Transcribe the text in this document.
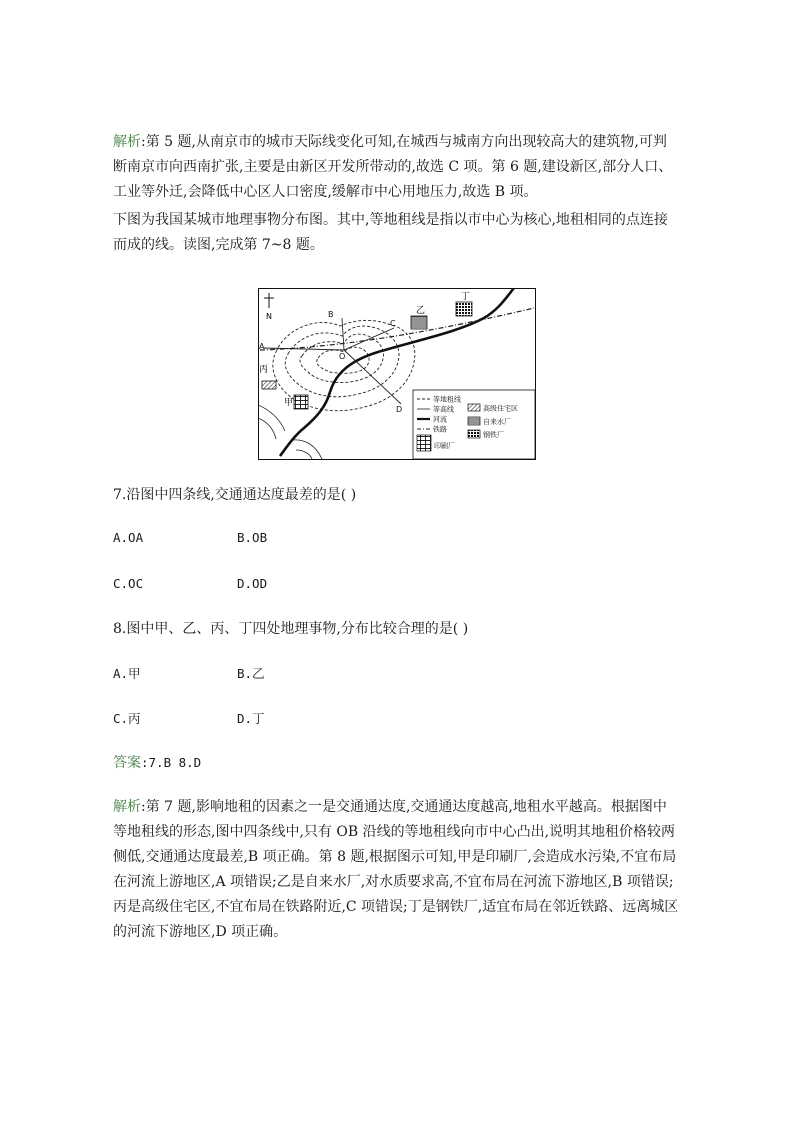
解析:第 5 题,从南京市的城市天际线变化可知,在城西与城南方向出现较高大的建筑物,可判
断南京市向西南扩张,主要是由新区开发所带动的,故选 C 项。第 6 题,建设新区,部分人口、
工业等外迁,会降低中心区人口密度,缓解市中心用地压力,故选 B 项。
下图为我国某城市地理事物分布图。其中,等地租线是指以市中心为核心,地租相同的点连接
而成的线。读图,完成第 7~8 题。
N
A
B
C
D
O
乙
丁
丙
甲	等地租线
等高线
河流
铁路
印刷厂
高级住宅区
自来水厂
钢铁厂
7.沿图中四条线,交通通达度最差的是( )
A.OA	B.OB
C.OC	D.OD
8.图中甲、乙、丙、丁四处地理事物,分布比较合理的是( )
A.甲	B.乙
C.丙	D.丁
答案:7.B 8.D
解析:第 7 题,影响地租的因素之一是交通通达度,交通通达度越高,地租水平越高。根据图中
等地租线的形态,图中四条线中,只有 OB 沿线的等地租线向市中心凸出,说明其地租价格较两
侧低,交通通达度最差,B 项正确。第 8 题,根据图示可知,甲是印刷厂,会造成水污染,不宜布局
在河流上游地区,A 项错误;乙是自来水厂,对水质要求高,不宜布局在河流下游地区,B 项错误;
丙是高级住宅区,不宜布局在铁路附近,C 项错误;丁是钢铁厂,适宜布局在邻近铁路、远离城区
的河流下游地区,D 项正确。
